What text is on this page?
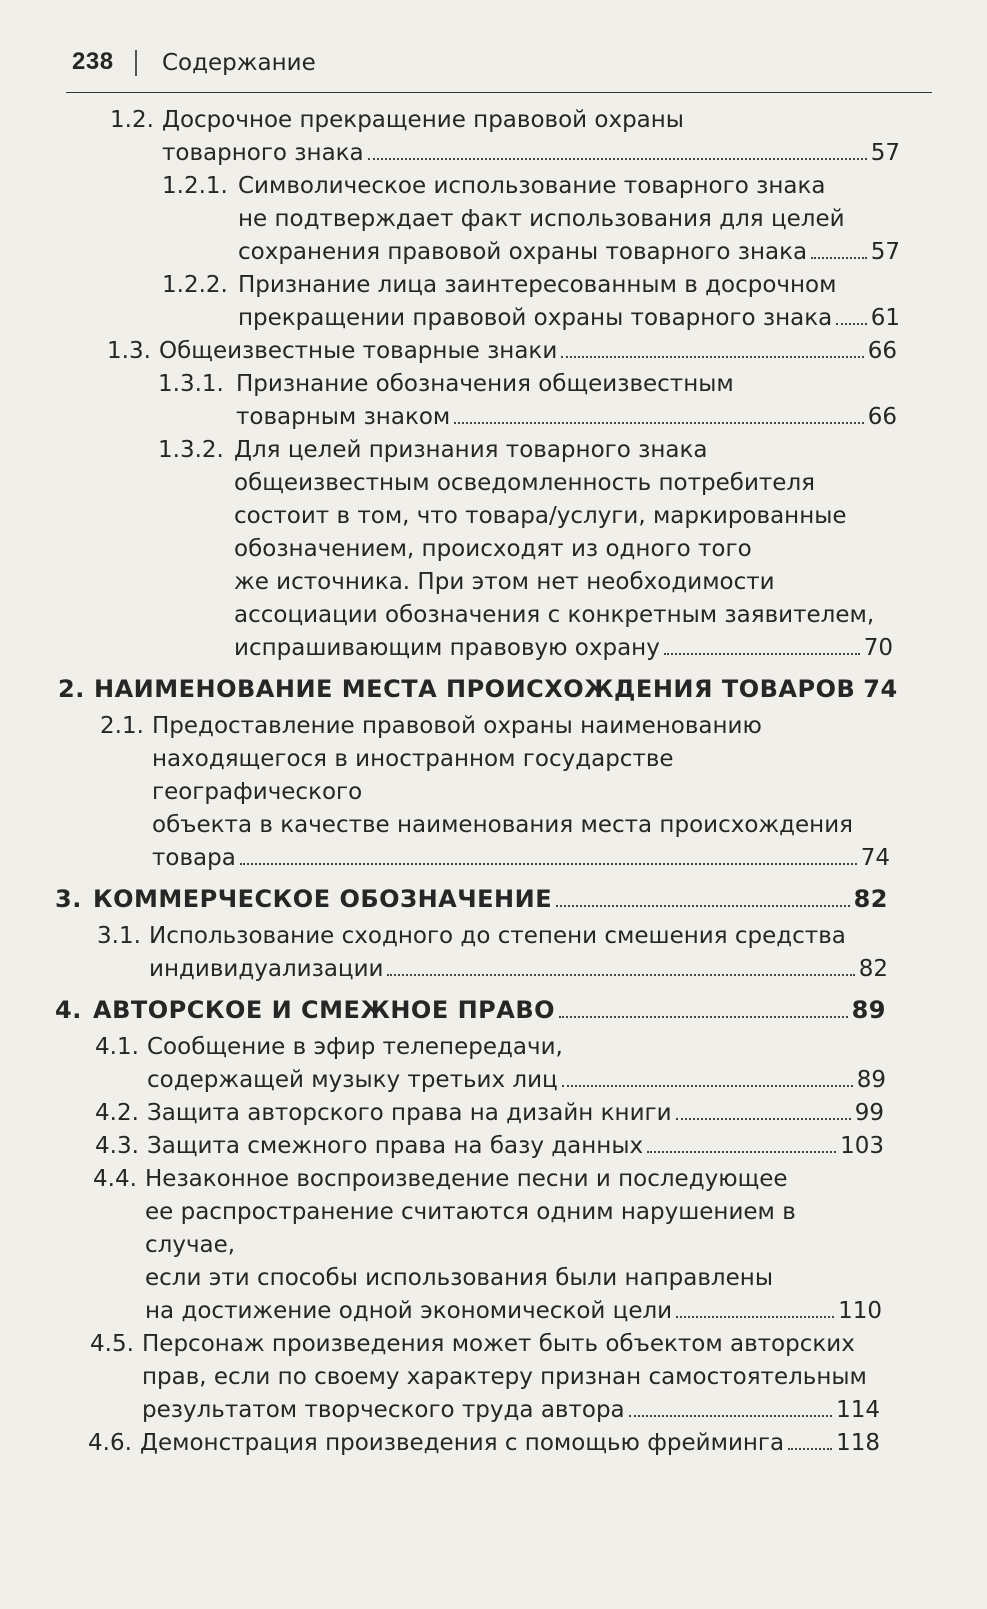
238 Содержание
1.2. Досрочное прекращение правовой охраны
товарного знака	57
1.2.1. Символическое использование товарного знака
не подтверждает факт использования для целей
сохранения правовой охраны товарного знака	57
1.2.2. Признание лица заинтересованным в досрочном
прекращении правовой охраны товарного знака 61
1.3. Общеизвестные товарные знаки	66
1.3.1. Признание обозначения общеизвестным
товарным знаком	66
1.3.2. Для целей признания товарного знака
общеизвестным осведомленность потребителя
состоит в том, что товара/услуги, маркированные
обозначением, происходят из одного того
же источника. При этом нет необходимости
ассоциации обозначения с конкретным заявителем,
испрашивающим правовую охрану	70
2. НАИМЕНОВАНИЕ МЕСТА ПРОИСХОЖДЕНИЯ ТОВАРОВ 74
2.1. Предоставление правовой охраны наименованию
находящегося в иностранном государстве географического
объекта в качестве наименования места происхождения
товара	74
3. КОММЕРЧЕСКОЕ ОБОЗНАЧЕНИЕ	82
3.1. Использование сходного до степени смешения средства
индивидуализации	82
4. АВТОРСКОЕ И СМЕЖНОЕ ПРАВО	89
4.1. Сообщение в эфир телепередачи,
содержащей музыку третьих лиц	89
4.2. Защита авторского права на дизайн книги	99
4.3. Защита смежного права на базу данных	103
4.4. Незаконное воспроизведение песни и последующее
ее распространение считаются одним нарушением в случае,
если эти способы использования были направлены
на достижение одной экономической цели	110
4.5. Персонаж произведения может быть объектом авторских
прав, если по своему характеру признан самостоятельным
результатом творческого труда автора	114
4.6. Демонстрация произведения с помощью фрейминга 118
